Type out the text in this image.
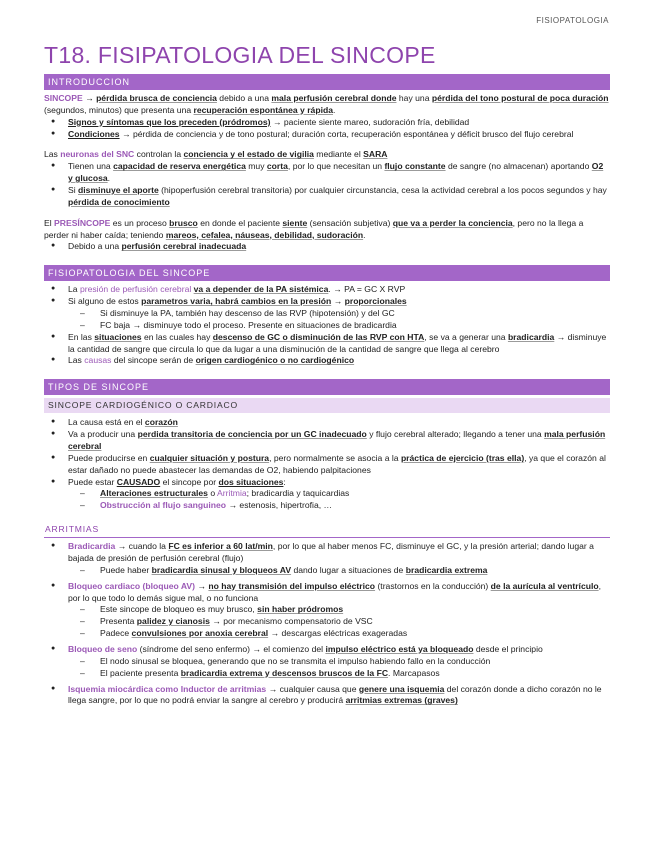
FISIOPATOLOGIA
T18. FISIPATOLOGIA DEL SINCOPE
INTRODUCCION

SINCOPE → pérdida brusca de conciencia debido a una mala perfusión cerebral donde hay una pérdida del tono postural de poca duración (segundos, minutos) que presenta una recuperación espontánea y rápida.

● Signos y síntomas que los preceden (pródromos) → paciente siente mareo, sudoración fría, debilidad
● Condiciones → pérdida de conciencia y de tono postural; duración corta, recuperación espontánea y déficit brusco del flujo cerebral

Las neuronas del SNC controlan la conciencia y el estado de vigilia mediante el SARA

● Tienen una capacidad de reserva energética muy corta, por lo que necesitan un flujo constante de sangre (no almacenan) aportando O2 y glucosa.
● Si disminuye el aporte (hipoperfusión cerebral transitoria) por cualquier circunstancia, cesa la actividad cerebral a los pocos segundos y hay pérdida de conocimiento

El PRESÍNCOPE es un proceso brusco en donde el paciente siente (sensación subjetiva) que va a perder la conciencia, pero no la llega a perder ni haber caída; teniendo mareos, cefalea, náuseas, debilidad, sudoración.

● Debido a una perfusión cerebral inadecuada
FISIOPATOLOGIA DEL SINCOPE
● La presión de perfusión cerebral va a depender de la PA sistémica. → PA = GC X RVP
● Si alguno de estos parametros varia, habrá cambios en la presión → proporcionales
– Si disminuye la PA, también hay descenso de las RVP (hipotensión) y del GC
– FC baja → disminuye todo el proceso. Presente en situaciones de bradicardia
● En las situaciones en las cuales hay descenso de GC o disminución de las RVP con HTA, se va a generar una bradicardia → disminuye la cantidad de sangre que circula lo que da lugar a una disminución de la cantidad de sangre que llega al cerebro
● Las causas del sincope serán de origen cardiogénico o no cardiogénico
TIPOS DE SINCOPE
SINCOPE CARDIOGÉNICO O CARDIACO
● La causa está en el corazón
● Va a producir una perdida transitoria de conciencia por un GC inadecuado y flujo cerebral alterado; llegando a tener una mala perfusión cerebral
● Puede producirse en cualquier situación y postura, pero normalmente se asocia a la práctica de ejercicio (tras ella), ya que el corazón al estar dañado no puede abastecer las demandas de O2, habiendo palpitaciones
● Puede estar CAUSADO el sincope por dos situaciones:
– Alteraciones estructurales o Arritmia; bradicardia y taquicardias
– Obstrucción al flujo sanguineo → estenosis, hipertrofia, …
ARRITMIAS
● Bradicardia → cuando la FC es inferior a 60 lat/min, por lo que al haber menos FC, disminuye el GC, y la presión arterial; dando lugar a bajada de presión de perfusión cerebral (flujo)
– Puede haber bradicardia sinusal y bloqueos AV dando lugar a situaciones de bradicardia extrema
● Bloqueo cardiaco (bloqueo AV) → no hay transmisión del impulso eléctrico (trastornos en la conducción) de la aurícula al ventrículo, por lo que todo lo demás sigue mal, o no funciona
– Este sincope de bloqueo es muy brusco, sin haber pródromos
– Presenta palidez y cianosis → por mecanismo compensatorio de VSC
– Padece convulsiones por anoxia cerebral → descargas eléctricas exageradas
● Bloqueo de seno (síndrome del seno enfermo) → el comienzo del impulso eléctrico está ya bloqueado desde el principio
– El nodo sinusal se bloquea, generando que no se transmita el impulso habiendo fallo en la conducción
– El paciente presenta bradicardia extrema y descensos bruscos de la FC. Marcapasos
● Isquemia miocárdica como Inductor de arritmias → cualquier causa que genere una isquemia del corazón donde a dicho corazón no le llega sangre, por lo que no podrá enviar la sangre al cerebro y producirá arritmias extremas (graves)
